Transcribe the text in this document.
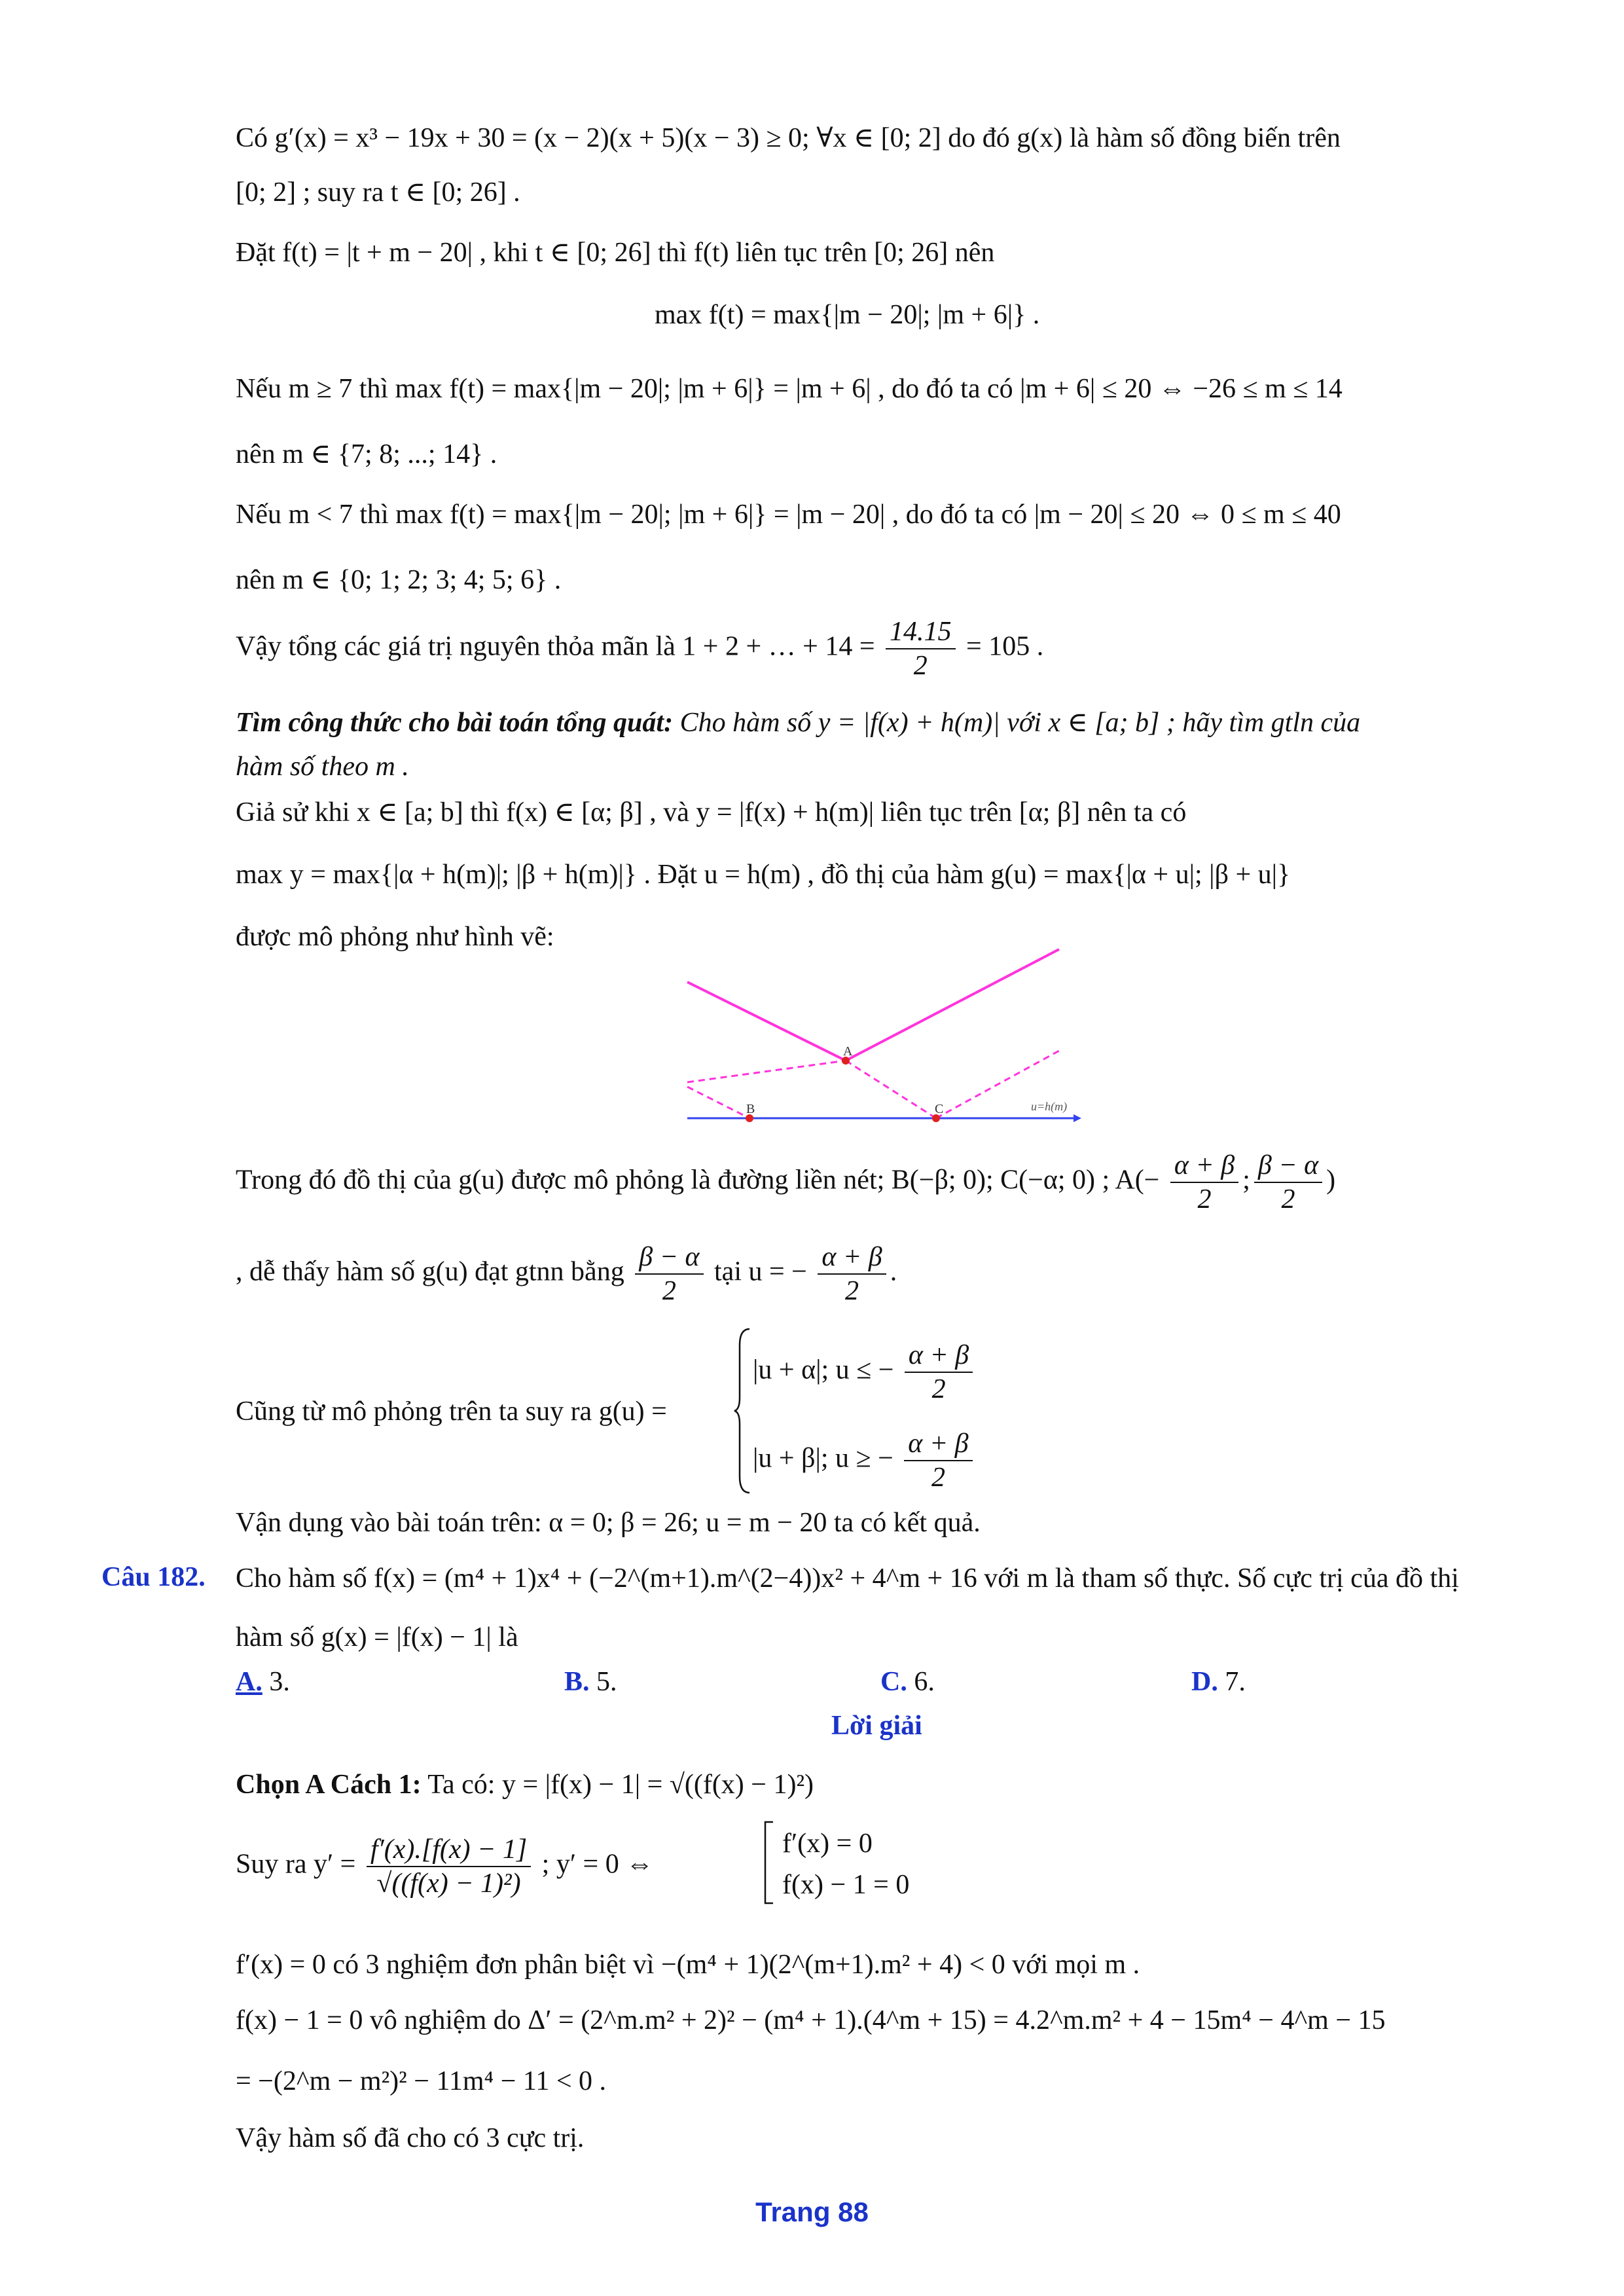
Có g′(x) = x³ − 19x + 30 = (x − 2)(x + 5)(x − 3) ≥ 0; ∀x ∈ [0; 2] do đó g(x) là hàm số đồng biến trên
[0; 2] ; suy ra t ∈ [0; 26] .
Đặt f(t) = |t + m − 20| , khi t ∈ [0; 26] thì f(t) liên tục trên [0; 26] nên
max f(t) = max{|m − 20|; |m + 6|} .
Nếu m ≥ 7 thì max f(t) = max{|m − 20|; |m + 6|} = |m + 6| , do đó ta có |m + 6| ≤ 20 ⇔ −26 ≤ m ≤ 14
nên m ∈ {7; 8; ...; 14} .
Nếu m < 7 thì max f(t) = max{|m − 20|; |m + 6|} = |m − 20| , do đó ta có |m − 20| ≤ 20 ⇔ 0 ≤ m ≤ 40
nên m ∈ {0; 1; 2; 3; 4; 5; 6} .
Vậy tổng các giá trị nguyên thỏa mãn là 1 + 2 + … + $14 = \frac{14.15}{2} = 105$ .
Tìm công thức cho bài toán tổng quát: Cho hàm số y = |f(x) + h(m)| với x ∈ [a; b] ; hãy tìm gtln của
hàm số theo m .
Giả sử khi x ∈ [a; b] thì f(x) ∈ [α; β] , và y = |f(x) + h(m)| liên tục trên [α; β] nên ta có
max y = max{|α + h(m)|; |β + h(m)|} . Đặt u = h(m) , đồ thị của hàm g(u) = max{|α + u|; |β + u|}
được mô phỏng như hình vẽ:
A
B	C	u=h(m)
Trong đó đồ thị của g(u) được mô phỏng là đường liền nét; B(−β; 0); C(−α; 0) ; $A(- \frac{\alpha + \beta}{2}$ ; $\frac{\beta - \alpha}{2}$ )
, dễ thấy hàm số g(u) đạt gtnn bằng $\frac{\beta - \alpha}{2}$ tại u = − $\frac{\alpha + \beta}{2}$ .
Cũng từ mô phỏng trên ta suy ra g(u) =
|u + α|; u ≤ − $\frac{\alpha + \beta}{2}$
|u + β|; u ≥ − $\frac{\alpha + \beta}{2}$
Vận dụng vào bài toán trên: α = 0; β = 26; u = m − 20 ta có kết quả.
Câu 182. Cho hàm số f(x) = (m⁴ + 1)x⁴ + (−2^(m+1).m^(2−4))x² + 4^m + 16 với m là tham số thực. Số cực trị của đồ thị
hàm số g(x) = |f(x) − 1| là
A. 3.	B. 5.	C. 6.	D. 7.
Lời giải
Chọn A Cách 1: Ta có: y = |f(x) − 1| = √((f(x) − 1)²)
Suy ra $y' = \frac{f'(x).[f(x) - 1]}{\text{√((f(x) − 1)²)}}$ ; y′ = 0 ⇔
f′(x) = 0
f(x) − 1 = 0
f′(x) = 0 có 3 nghiệm đơn phân biệt vì −(m⁴ + 1)(2^(m+1).m² + 4) < 0 với mọi m .
f(x) − 1 = 0 vô nghiệm do Δ′ = (2^m.m² + 2)² − (m⁴ + 1).(4^m + 15) = 4.2^m.m² + 4 − 15m⁴ − 4^m − 15
= −(2^m − m²)² − 11m⁴ − 11 < 0 .
Vậy hàm số đã cho có 3 cực trị.
Trang 88
